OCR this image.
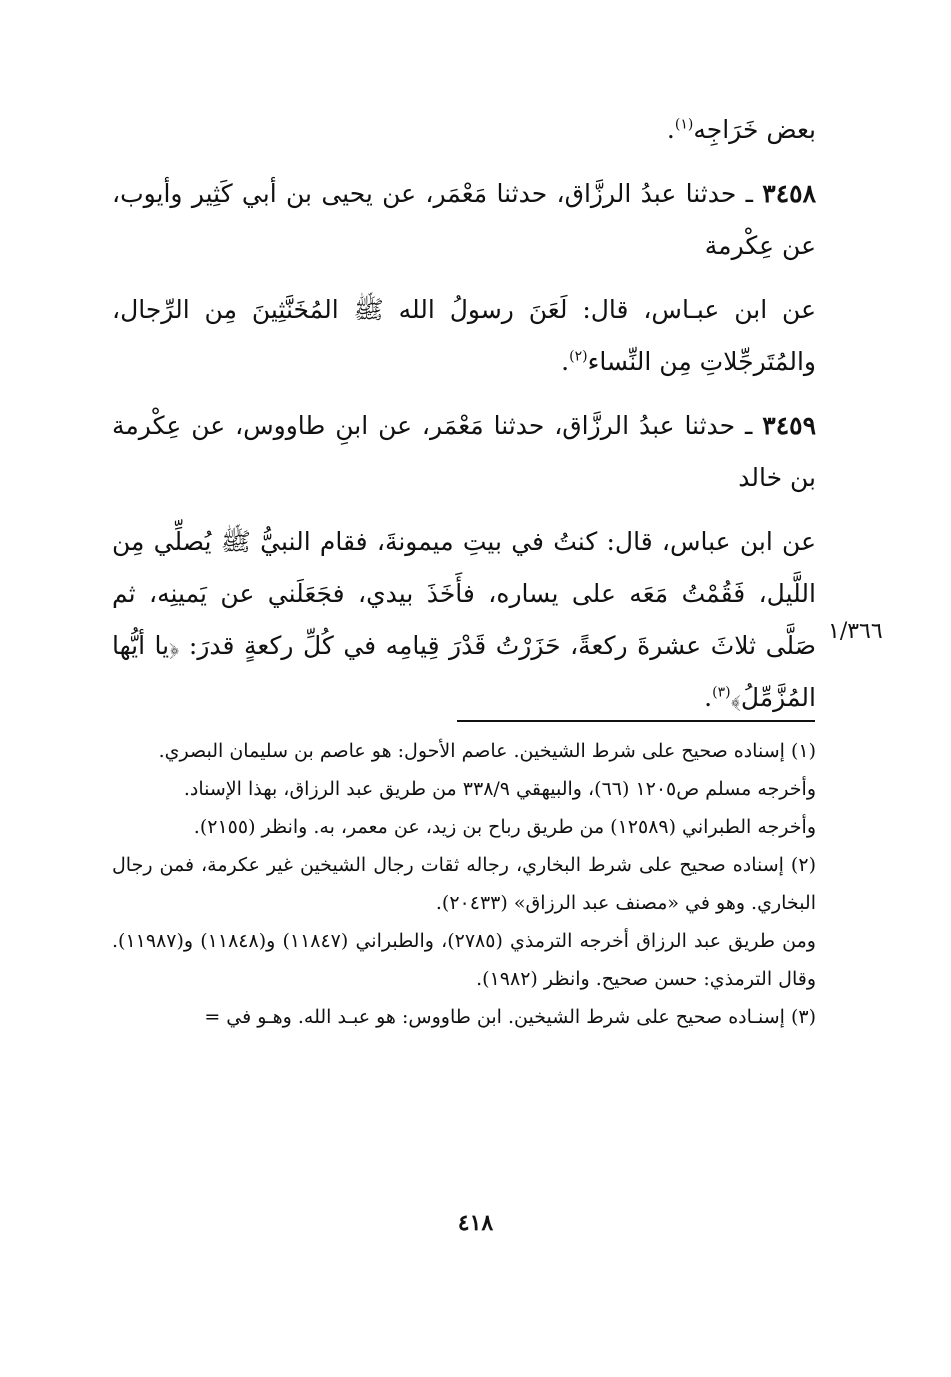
بعض خَرَاجِه$^{(١)}$.

٣٤٥٨ ـ حدثنا عبدُ الرزَّاق، حدثنا مَعْمَر، عن يحيى بن أبي كَثِير وأيوب، عن عِكْرمة

عن ابن عبـاس، قال: لَعَنَ رسولُ الله ﷺ المُخَنَّثِينَ مِن الرِّجال، والمُتَرجِّلاتِ مِن النِّساء$^{(٢)}$.

٣٤٥٩ ـ حدثنا عبدُ الرزَّاق، حدثنا مَعْمَر، عن ابنِ طاووس، عن عِكْرمة بن خالد

عن ابن عباس، قال: كنتُ في بيتِ ميمونةَ، فقام النبيُّ ﷺ يُصلِّي مِن اللَّيل، فَقُمْتُ مَعَه على يساره، فأَخَذَ بيدي، فجَعَلَني عن يَمينِه، ثم صَلَّى ثلاثَ عشرةَ ركعةً، حَزَرْتُ قَدْرَ قِيامِه في كُلِّ ركعةٍ قدرَ: ﴿يا أيُّها المُزَّمِّلُ﴾$^{(٣)}$.

١/٣٦٦

(١) إسناده صحيح على شرط الشيخين. عاصم الأحول: هو عاصم بن سليمان البصري.

وأخرجه مسلم ص١٢٠٥ (٦٦)، والبيهقي ٣٣٨/٩ من طريق عبد الرزاق، بهذا الإسناد.

وأخرجه الطبراني (١٢٥٨٩) من طريق رباح بن زيد، عن معمر، به. وانظر (٢١٥٥).

(٢) إسناده صحيح على شرط البخاري، رجاله ثقات رجال الشيخين غير عكرمة، فمن رجال البخاري. وهو في «مصنف عبد الرزاق» (٢٠٤٣٣).

ومن طريق عبد الرزاق أخرجه الترمذي (٢٧٨٥)، والطبراني (١١٨٤٧) و(١١٨٤٨) و(١١٩٨٧). وقال الترمذي: حسن صحيح. وانظر (١٩٨٢).

(٣) إسنـاده صحيح على شرط الشيخين. ابن طاووس: هو عبـد الله. وهـو في =

٤١٨
